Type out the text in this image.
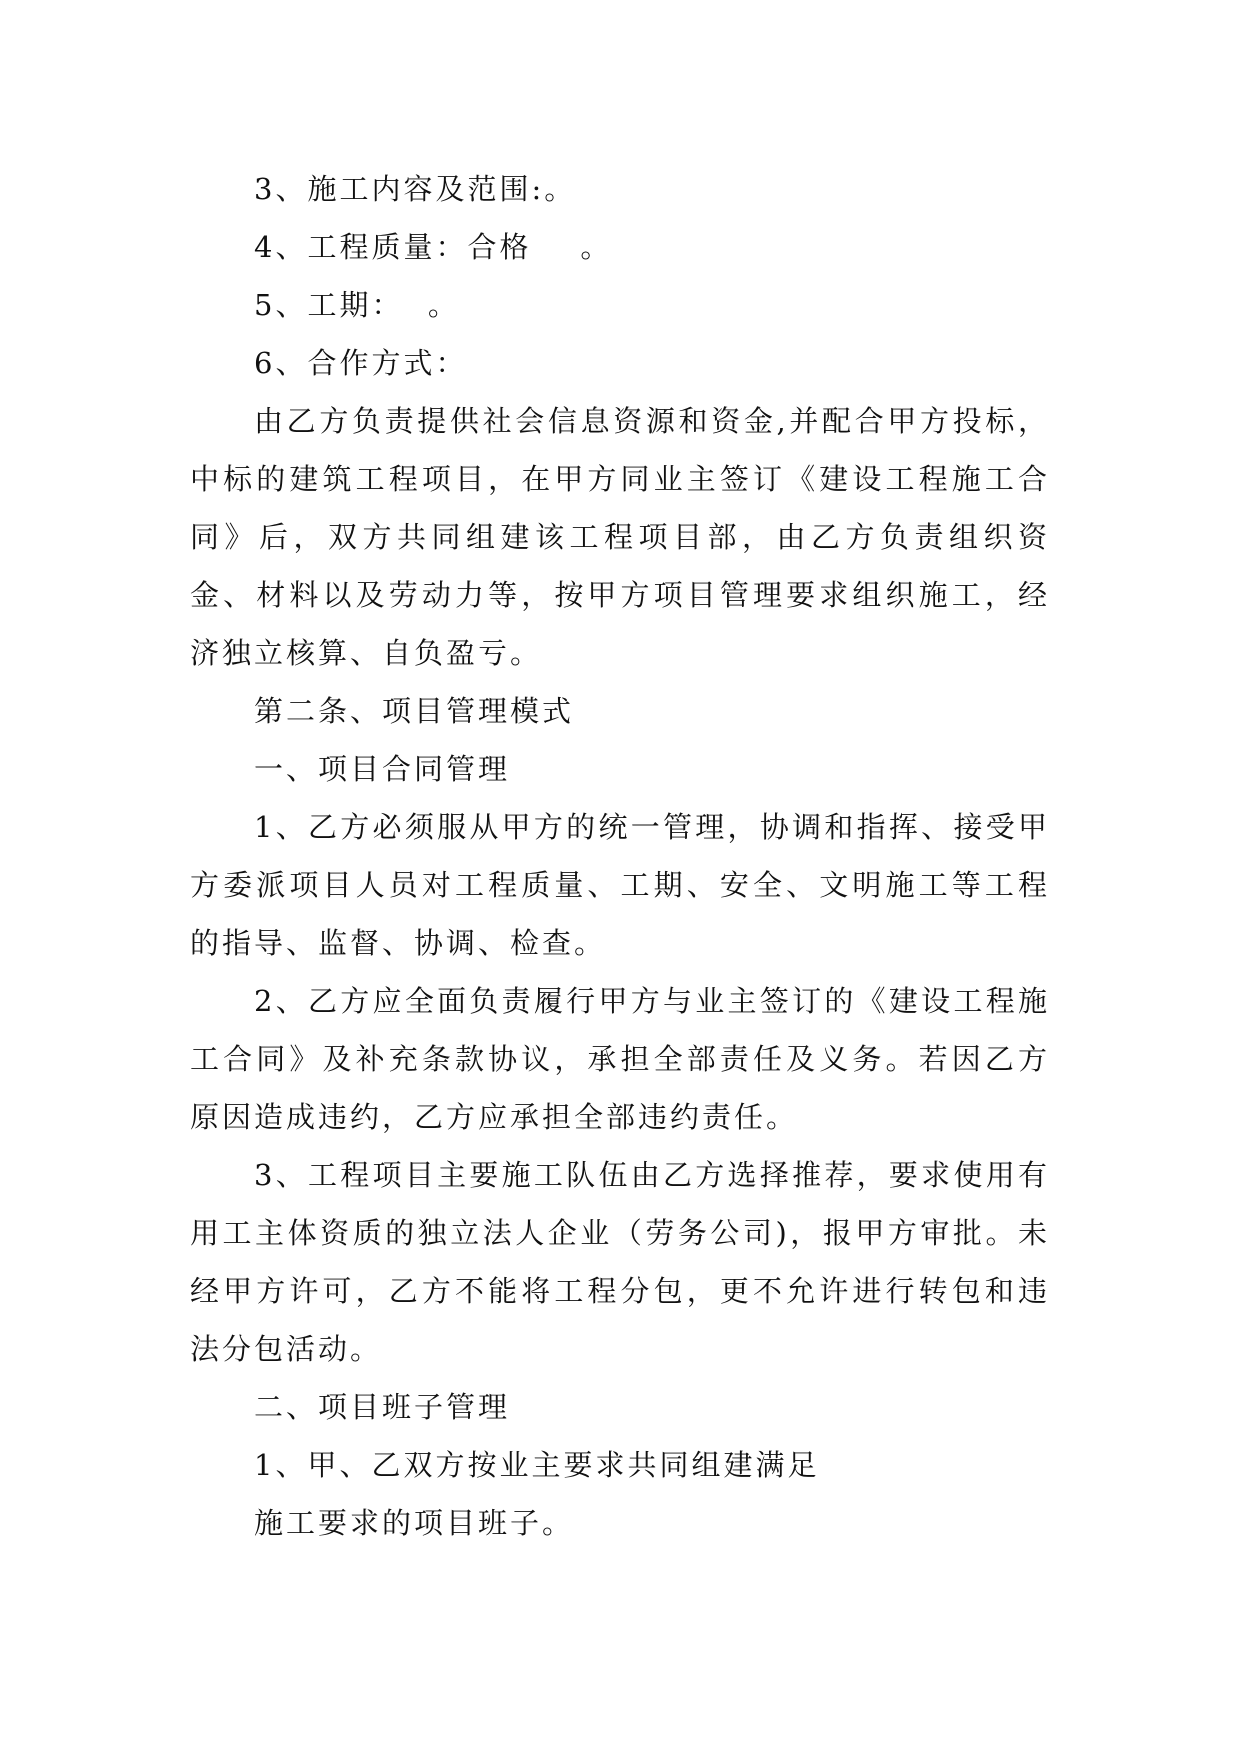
3、施工内容及范围:。

4、工程质量：合格    。

5、工期：  。

6、合作方式：

由乙方负责提供社会信息资源和资金,并配合甲方投标，中标的建筑工程项目，在甲方同业主签订《建设工程施工合同》后，双方共同组建该工程项目部，由乙方负责组织资金、材料以及劳动力等，按甲方项目管理要求组织施工，经济独立核算、自负盈亏。

第二条、项目管理模式

一、项目合同管理

1、乙方必须服从甲方的统一管理，协调和指挥、接受甲方委派项目人员对工程质量、工期、安全、文明施工等工程的指导、监督、协调、检查。

2、乙方应全面负责履行甲方与业主签订的《建设工程施工合同》及补充条款协议，承担全部责任及义务。若因乙方原因造成违约，乙方应承担全部违约责任。

3、工程项目主要施工队伍由乙方选择推荐，要求使用有用工主体资质的独立法人企业（劳务公司)，报甲方审批。未经甲方许可，乙方不能将工程分包，更不允许进行转包和违法分包活动。

二、项目班子管理

1、甲、乙双方按业主要求共同组建满足

施工要求的项目班子。
